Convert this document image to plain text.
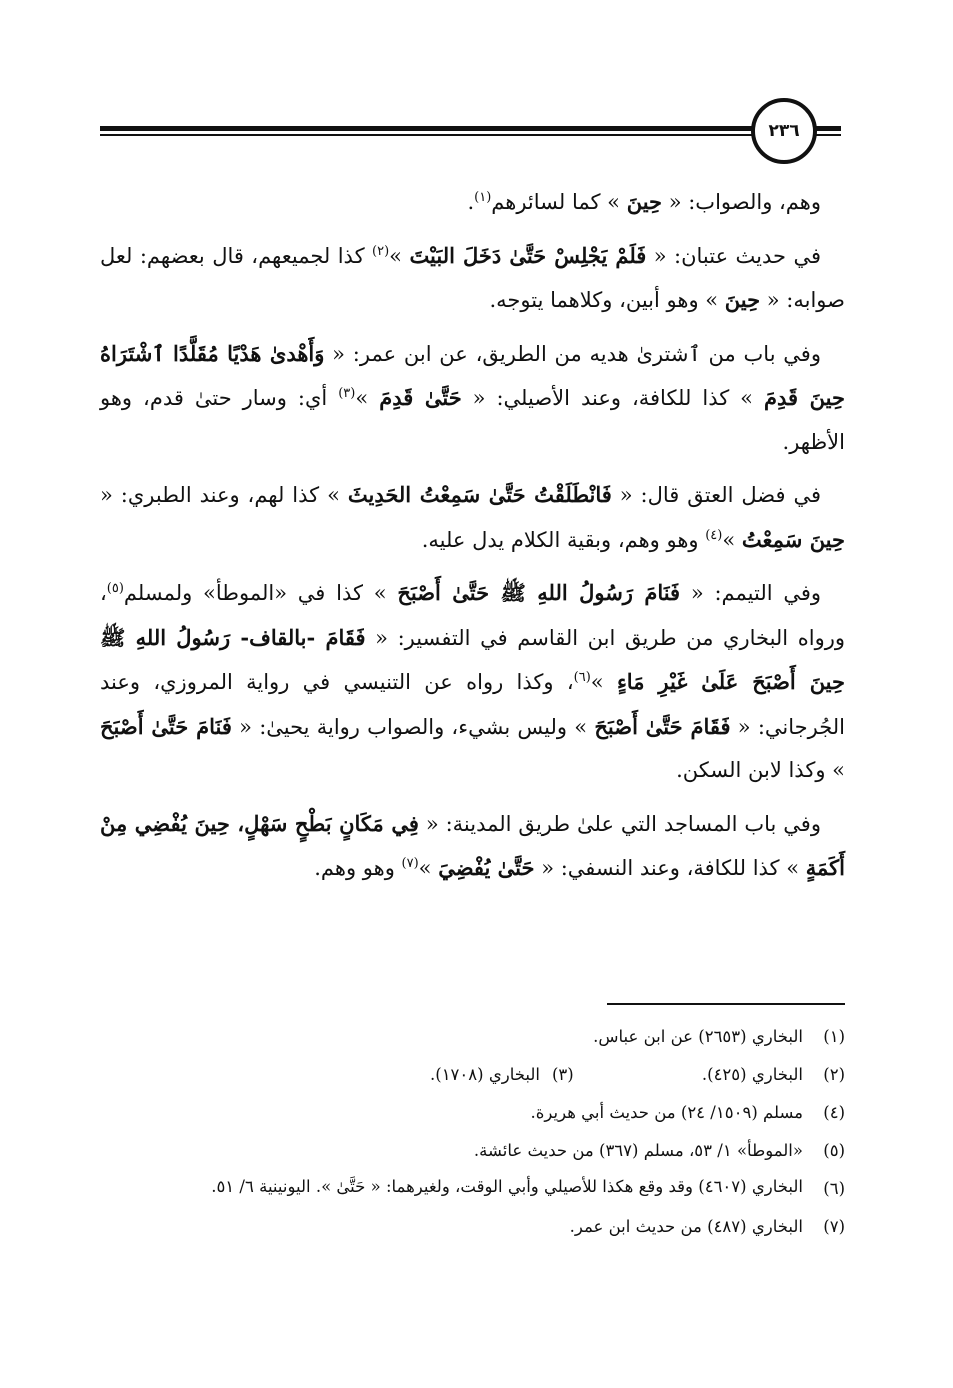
٢٣٦

وهم، والصواب: « حِينَ » كما لسائرهم$^{(١)}$.

في حديث عتبان: « فَلَمْ يَجْلِسْ حَتَّىٰ دَخَلَ البَيْتَ »$^{(٢)}$ كذا لجميعهم، قال بعضهم: لعل صوابه: « حِينَ » وهو أبين، وكلاهما يتوجه.

وفي باب من ٱشترىٰ هديه من الطريق، عن ابن عمر: « وَأَهْدىٰ هَدْيًا مُقَلَّدًا ٱشْتَرَاهُ حِينَ قَدِمَ » كذا للكافة، وعند الأصيلي: « حَتَّىٰ قَدِمَ »$^{(٣)}$ أي: وسار حتىٰ قدم، وهو الأظهر.

في فضل العتق قال: « فَانْطَلَقْتُ حَتَّىٰ سَمِعْتُ الحَدِيثَ » كذا لهم، وعند الطبري: « حِينَ سَمِعْتُ »$^{(٤)}$ وهو وهم، وبقية الكلام يدل عليه.

وفي التيمم: « فَنَامَ رَسُولُ اللهِ ﷺ حَتَّىٰ أَصْبَحَ » كذا في «الموطأ» ولمسلم$^{(٥)}$، ورواه البخاري من طريق ابن القاسم في التفسير: « فَقَامَ -بالقاف- رَسُولُ اللهِ ﷺ حِينَ أَصْبَحَ عَلَىٰ غَيْرِ مَاءٍ »$^{(٦)}$، وكذا رواه عن التنيسي في رواية المروزي، وعند الجُرجاني: « فَقَامَ حَتَّىٰ أَصْبَحَ » وليس بشيء، والصواب رواية يحيىٰ: « فَنَامَ حَتَّىٰ أَصْبَحَ » وكذا لابن السكن.

وفي باب المساجد التي علىٰ طريق المدينة: « فِي مَكَانٍ بَطْحٍ سَهْلٍ، حِينَ يُفْضِي مِنْ أَكَمَةٍ » كذا للكافة، وعند النسفي: « حَتَّىٰ يُفْضِيَ »$^{(٧)}$ وهو وهم.

(١)
البخاري (٢٦٥٣) عن ابن عباس.
(٢)
البخاري (٤٢٥).
(٣)
البخاري (١٧٠٨).
(٤)
مسلم (١٥٠٩/ ٢٤) من حديث أبي هريرة.
(٥)
«الموطأ» ١/ ٥٣، مسلم (٣٦٧) من حديث عائشة.
(٦)
البخاري (٤٦٠٧) وقد وقع هكذا للأصيلي وأبي الوقت، ولغيرهما: « حَتَّىٰ ». اليونينية ٦/ ٥١.
(٧)
البخاري (٤٨٧) من حديث ابن عمر.
